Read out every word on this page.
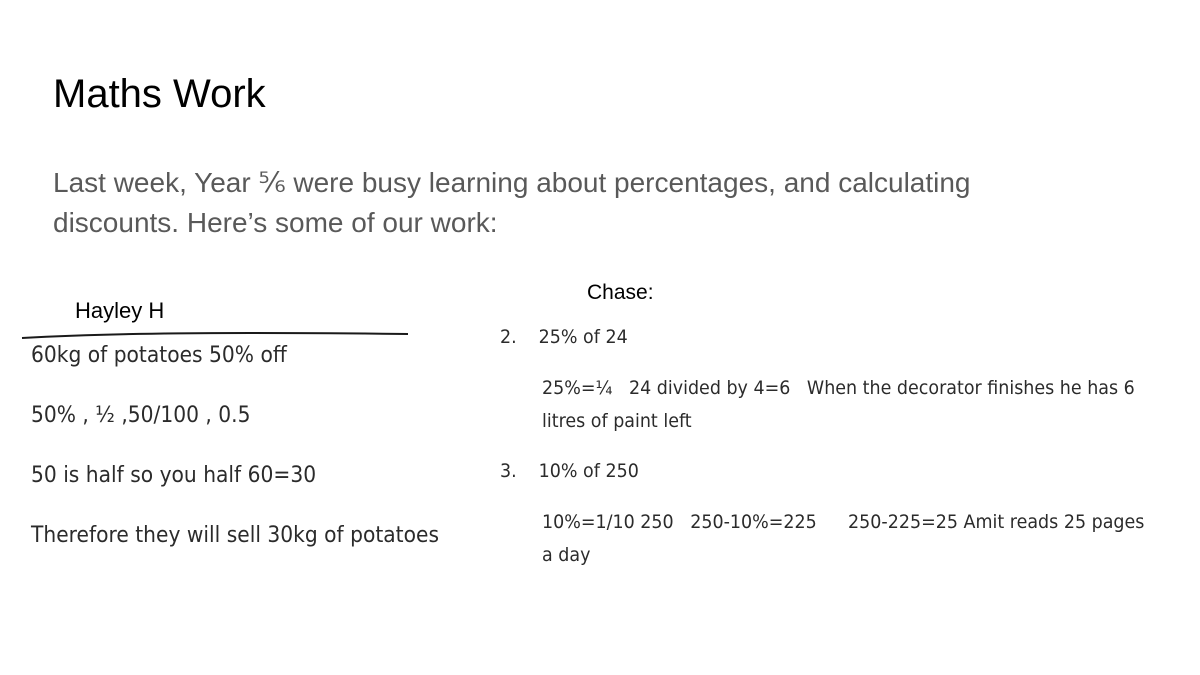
Maths Work

Last week, Year ⅚ were busy learning about percentages, and calculating

discounts. Here’s some of our work:

Hayley H
60kg of potatoes 50% off
50% , ½ ,50/100 , 0.5
50 is half so you half 60=30
Therefore they will sell 30kg of potatoes
Chase:
2. 25% of 24

25%=¼ 24 divided by 4=6 When the decorator finishes he has 6

litres of paint left

3. 10% of 250

10%=1/10 250 250-10%=225 250-225=25 Amit reads 25 pages

a day
